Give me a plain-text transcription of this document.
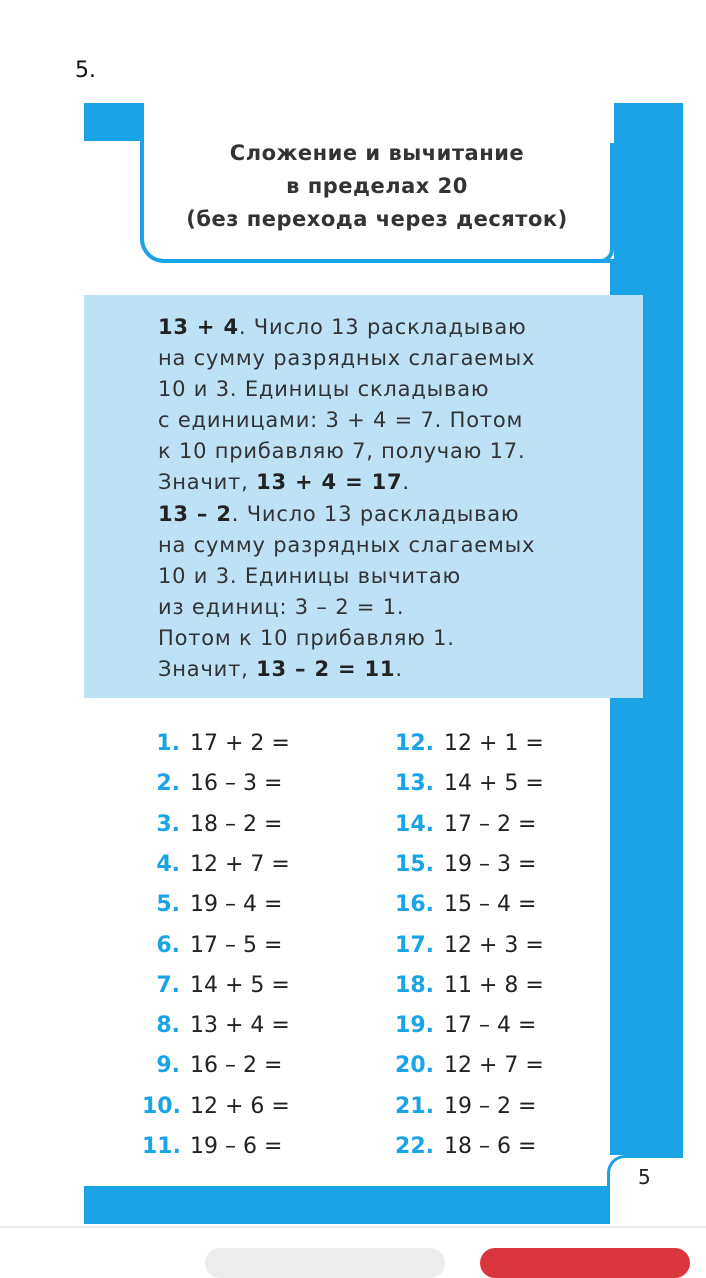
5.
Сложение и вычитание
в пределах 20
(без перехода через десяток)
13 + 4. Число 13 раскладываю
на сумму разрядных слагаемых
10 и 3. Единицы складываю
с единицами: 3 + 4 = 7. Потом
к 10 прибавляю 7, получаю 17.
Значит, 13 + 4 = 17.
13 – 2. Число 13 раскладываю
на сумму разрядных слагаемых
10 и 3. Единицы вычитаю
из единиц: 3 – 2 = 1.
Потом к 10 прибавляю 1.
Значит, 13 – 2 = 11.
1. 17 + 2 =
2. 16 – 3 =
3. 18 – 2 =
4. 12 + 7 =
5. 19 – 4 =
6. 17 – 5 =
7. 14 + 5 =
8. 13 + 4 =
9. 16 – 2 =
10. 12 + 6 =
11. 19 – 6 =
12. 12 + 1 =
13. 14 + 5 =
14. 17 – 2 =
15. 19 – 3 =
16. 15 – 4 =
17. 12 + 3 =
18. 11 + 8 =
19. 17 – 4 =
20. 12 + 7 =
21. 19 – 2 =
22. 18 – 6 =
5
